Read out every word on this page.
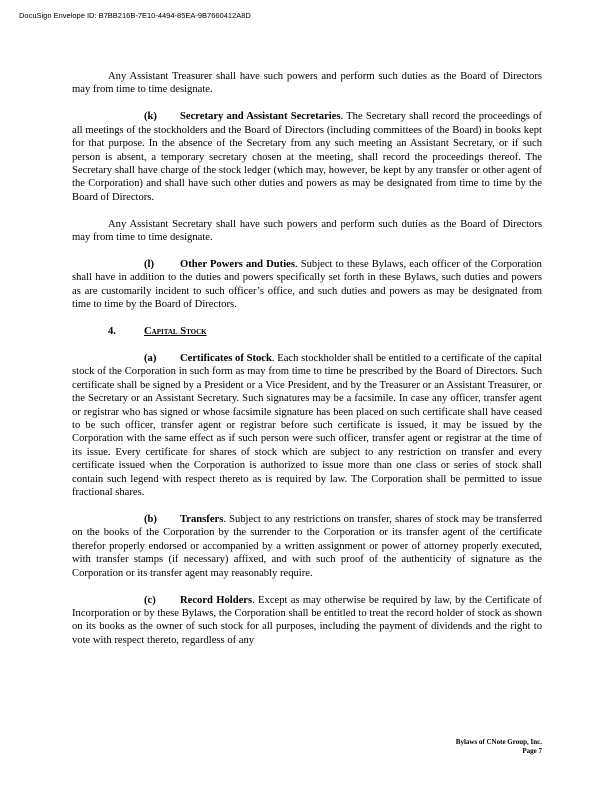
DocuSign Envelope ID: B7BB216B-7E10-4494-85EA-9B7660412A8D

Any Assistant Treasurer shall have such powers and perform such duties as the Board of Directors may from time to time designate.

(k) Secretary and Assistant Secretaries. The Secretary shall record the proceedings of all meetings of the stockholders and the Board of Directors (including committees of the Board) in books kept for that purpose. In the absence of the Secretary from any such meeting an Assistant Secretary, or if such person is absent, a temporary secretary chosen at the meeting, shall record the proceedings thereof. The Secretary shall have charge of the stock ledger (which may, however, be kept by any transfer or other agent of the Corporation) and shall have such other duties and powers as may be designated from time to time by the Board of Directors.

Any Assistant Secretary shall have such powers and perform such duties as the Board of Directors may from time to time designate.

(l) Other Powers and Duties. Subject to these Bylaws, each officer of the Corporation shall have in addition to the duties and powers specifically set forth in these Bylaws, such duties and powers as are customarily incident to such officer’s office, and such duties and powers as may be designated from time to time by the Board of Directors.

4.	Capital Stock

(a) Certificates of Stock. Each stockholder shall be entitled to a certificate of the capital stock of the Corporation in such form as may from time to time be prescribed by the Board of Directors. Such certificate shall be signed by a President or a Vice President, and by the Treasurer or an Assistant Treasurer, or the Secretary or an Assistant Secretary. Such signatures may be a facsimile. In case any officer, transfer agent or registrar who has signed or whose facsimile signature has been placed on such certificate shall have ceased to be such officer, transfer agent or registrar before such certificate is issued, it may be issued by the Corporation with the same effect as if such person were such officer, transfer agent or registrar at the time of its issue. Every certificate for shares of stock which are subject to any restriction on transfer and every certificate issued when the Corporation is authorized to issue more than one class or series of stock shall contain such legend with respect thereto as is required by law. The Corporation shall be permitted to issue fractional shares.

(b) Transfers. Subject to any restrictions on transfer, shares of stock may be transferred on the books of the Corporation by the surrender to the Corporation or its transfer agent of the certificate therefor properly endorsed or accompanied by a written assignment or power of attorney properly executed, with transfer stamps (if necessary) affixed, and with such proof of the authenticity of signature as the Corporation or its transfer agent may reasonably require.

(c) Record Holders. Except as may otherwise be required by law, by the Certificate of Incorporation or by these Bylaws, the Corporation shall be entitled to treat the record holder of stock as shown on its books as the owner of such stock for all purposes, including the payment of dividends and the right to vote with respect thereto, regardless of any

Bylaws of CNote Group, Inc.
Page 7
